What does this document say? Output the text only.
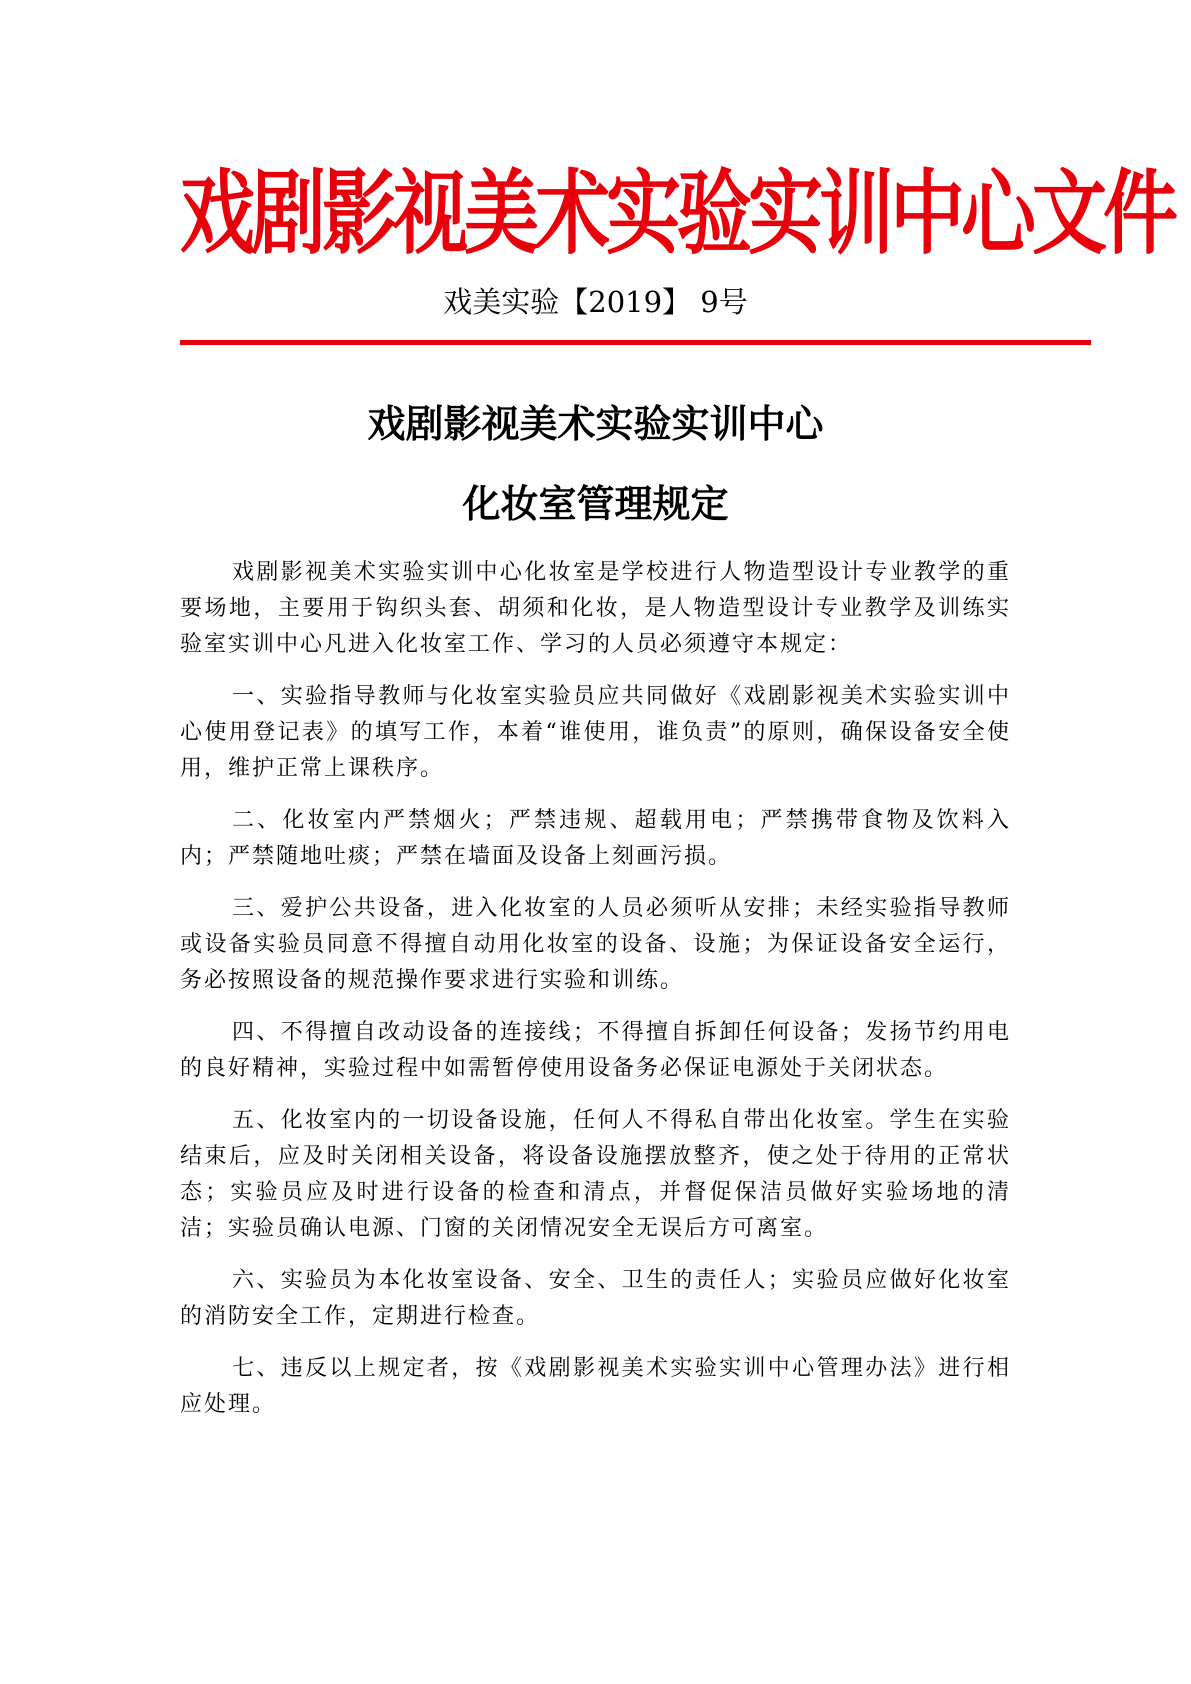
戏剧影视美术实验实训中心文件
戏美实验【2019】 9号
戏剧影视美术实验实训中心
化妆室管理规定

戏剧影视美术实验实训中心化妆室是学校进行人物造型设计专业教学的重要场地，主要用于钩织头套、胡须和化妆，是人物造型设计专业教学及训练实验室实训中心凡进入化妆室工作、学习的人员必须遵守本规定：

一、实验指导教师与化妆室实验员应共同做好《戏剧影视美术实验实训中心使用登记表》的填写工作，本着“谁使用，谁负责”的原则，确保设备安全使用，维护正常上课秩序。

二、化妆室内严禁烟火；严禁违规、超载用电；严禁携带食物及饮料入内；严禁随地吐痰；严禁在墙面及设备上刻画污损。

三、爱护公共设备，进入化妆室的人员必须听从安排；未经实验指导教师或设备实验员同意不得擅自动用化妆室的设备、设施；为保证设备安全运行，务必按照设备的规范操作要求进行实验和训练。

四、不得擅自改动设备的连接线；不得擅自拆卸任何设备；发扬节约用电的良好精神，实验过程中如需暂停使用设备务必保证电源处于关闭状态。

五、化妆室内的一切设备设施，任何人不得私自带出化妆室。学生在实验结束后，应及时关闭相关设备，将设备设施摆放整齐，使之处于待用的正常状态；实验员应及时进行设备的检查和清点，并督促保洁员做好实验场地的清洁；实验员确认电源、门窗的关闭情况安全无误后方可离室。

六、实验员为本化妆室设备、安全、卫生的责任人；实验员应做好化妆室的消防安全工作，定期进行检查。

七、违反以上规定者，按《戏剧影视美术实验实训中心管理办法》进行相应处理。
